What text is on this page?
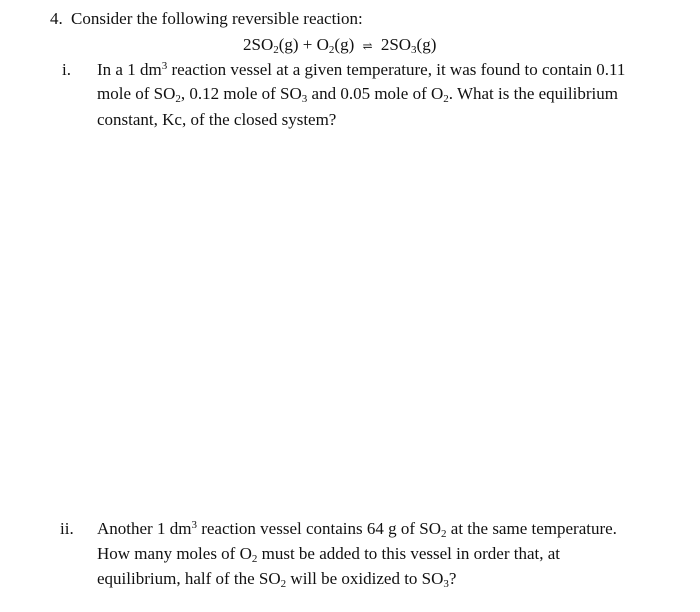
4. Consider the following reversible reaction:
$2SO_2(g) + O_2(g)$ ⇌ $2SO_3(g)$
i. In a 1 $dm^3$ reaction vessel at a given temperature, it was found to contain 0.11
mole of $SO_2$, 0.12 mole of $SO_3$ and 0.05 mole of $O_2$. What is the equilibrium
constant, Kc, of the closed system?
ii. Another 1 $dm^3$ reaction vessel contains 64 g of $SO_2$ at the same temperature.
How many moles of $O_2$ must be added to this vessel in order that, at
equilibrium, half of the $SO_2$ will be oxidized to $SO_3$?
